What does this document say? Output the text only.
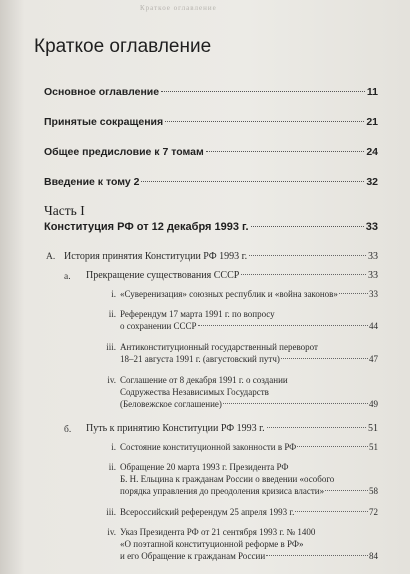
Краткое оглавление
Краткое оглавление
Основное оглавление	11
Принятые сокращения	21
Общее предисловие к 7 томам	24
Введение к тому 2	32
Часть I
Конституция РФ от 12 декабря 1993 г.	33
А. История принятия Конституции РФ 1993 г.	33
а. Прекращение существования СССР	33
i. «Суверенизация» союзных республик и «война законов»	33
ii. Референдум 17 марта 1991 г. по вопросу
о сохранении СССР	44
iii. Антиконституционный государственный переворот
18–21 августа 1991 г. (августовский путч)	47
iv. Соглашение от 8 декабря 1991 г. о создании
Содружества Независимых Государств
(Беловежское соглашение)	49
б. Путь к принятию Конституции РФ 1993 г.	51
i. Состояние конституционной законности в РФ	51
ii. Обращение 20 марта 1993 г. Президента РФ
Б. Н. Ельцина к гражданам России о введении «особого
порядка управления до преодоления кризиса власти»	58
iii. Всероссийский референдум 25 апреля 1993 г.	72
iv. Указ Президента РФ от 21 сентября 1993 г. № 1400
«О поэтапной конституционной реформе в РФ»
и его Обращение к гражданам России	84
